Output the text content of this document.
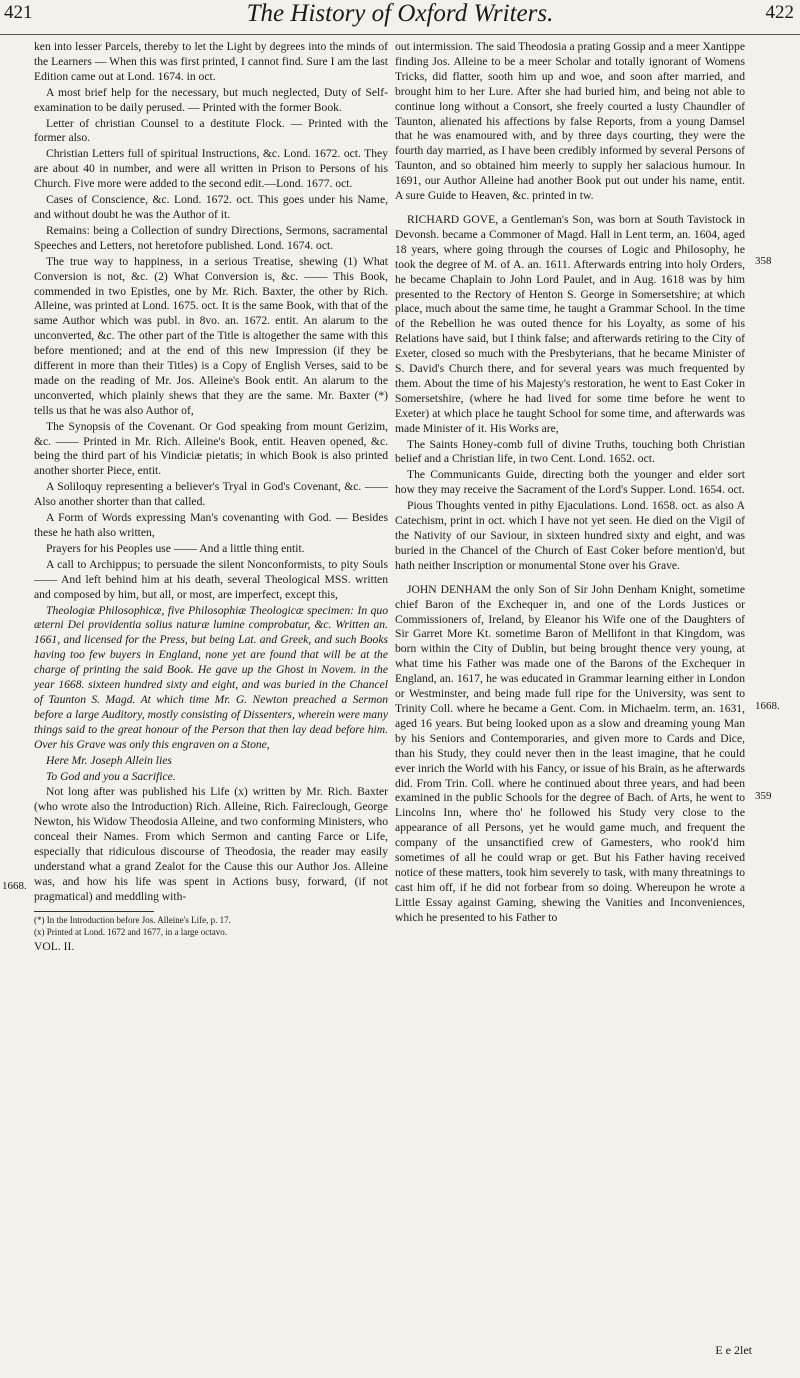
421	The History of Oxford Writers.	422

ken into lesser Parcels, thereby to let the Light by degrees into the minds of the Learners — When this was first printed, I cannot find. Sure I am the last Edition came out at Lond. 1674. in oct.

A most brief help for the necessary, but much neglected, Duty of Self-examination to be daily perused. — Printed with the former Book.

Letter of christian Counsel to a destitute Flock. — Printed with the former also.

Christian Letters full of spiritual Instructions, &c. Lond. 1672. oct. They are about 40 in number, and were all written in Prison to Persons of his Church. Five more were added to the second edit.—Lond. 1677. oct.

Cases of Conscience, &c. Lond. 1672. oct. This goes under his Name, and without doubt he was the Author of it.

Remains: being a Collection of sundry Directions, Sermons, sacramental Speeches and Letters, not heretofore published. Lond. 1674. oct.

The true way to happiness, in a serious Treatise, shewing (1) What Conversion is not, &c. (2) What Conversion is, &c. —— This Book, commended in two Epistles, one by Mr. Rich. Baxter, the other by Rich. Alleine, was printed at Lond. 1675. oct. It is the same Book, with that of the same Author which was publ. in 8vo. an. 1672. entit. An alarum to the unconverted, &c. The other part of the Title is altogether the same with this before mentioned; and at the end of this new Impression (if they be different in more than their Titles) is a Copy of English Verses, said to be made on the reading of Mr. Jos. Alleine's Book entit. An alarum to the unconverted, which plainly shews that they are the same. Mr. Baxter (*) tells us that he was also Author of,

The Synopsis of the Covenant. Or God speaking from mount Gerizim, &c. —— Printed in Mr. Rich. Alleine's Book, entit. Heaven opened, &c. being the third part of his Vindiciæ pietatis; in which Book is also printed another shorter Piece, entit.

A Soliloquy representing a believer's Tryal in God's Covenant, &c. —— Also another shorter than that called.

A Form of Words expressing Man's covenanting with God. — Besides these he hath also written,

Prayers for his Peoples use —— And a little thing entit.

A call to Archippus; to persuade the silent Nonconformists, to pity Souls —— And left behind him at his death, several Theological MSS. written and composed by him, but all, or most, are imperfect, except this,

Theologiæ Philosophicæ, five Philosophiæ Theologicæ specimen: In quo æterni Dei providentia solius naturæ lumine comprobatur, &c. Written an. 1661, and licensed for the Press, but being Lat. and Greek, and such Books having too few buyers in England, none yet are found that will be at the charge of printing the said Book. He gave up the Ghost in Novem. in the year 1668. sixteen hundred sixty and eight, and was buried in the Chancel of Taunton S. Magd. At which time Mr. G. Newton preached a Sermon before a large Auditory, mostly consisting of Dissenters, wherein were many things said to the great honour of the Person that then lay dead before him. Over his Grave was only this engraven on a Stone,

Here Mr. Joseph Allein lies

To God and you a Sacrifice.

Not long after was published his Life (x) written by Mr. Rich. Baxter (who wrote also the Introduction) Rich. Alleine, Rich. Faireclough, George Newton, his Widow Theodosia Alleine, and two conforming Ministers, who conceal their Names. From which Sermon and canting Farce or Life, especially that ridiculous discourse of Theodosia, the reader may easily understand what a grand Zealot for the Cause this our Author Jos. Alleine was, and how his life was spent in Actions busy, forward, (if not pragmatical) and meddling with-

(*) In the Introduction before Jos. Alleine's Life, p. 17.

(x) Printed at Lond. 1672 and 1677, in a large octavo.

VOL. II.

1668.

out intermission. The said Theodosia a prating Gossip and a meer Xantippe finding Jos. Alleine to be a meer Scholar and totally ignorant of Womens Tricks, did flatter, sooth him up and woe, and soon after married, and brought him to her Lure. After she had buried him, and being not able to continue long without a Consort, she freely courted a lusty Chaundler of Taunton, alienated his affections by false Reports, from a young Damsel that he was enamoured with, and by three days courting, they were the fourth day married, as I have been credibly informed by several Persons of Taunton, and so obtained him meerly to supply her salacious humour. In 1691, our Author Alleine had another Book put out under his name, entit. A sure Guide to Heaven, &c. printed in tw.

RICHARD GOVE, a Gentleman's Son, was born at South Tavistock in Devonsh. became a Commoner of Magd. Hall in Lent term, an. 1604, aged 18 years, where going through the courses of Logic and Philosophy, he took the degree of M. of A. an. 1611. Afterwards entring into holy Orders, he became Chaplain to John Lord Paulet, and in Aug. 1618 was by him presented to the Rectory of Henton S. George in Somersetshire; at which place, much about the same time, he taught a Grammar School. In the time of the Rebellion he was outed thence for his Loyalty, as some of his Relations have said, but I think false; and afterwards retiring to the City of Exeter, closed so much with the Presbyterians, that he became Minister of S. David's Church there, and for several years was much frequented by them. About the time of his Majesty's restoration, he went to East Coker in Somersetshire, (where he had lived for some time before he went to Exeter) at which place he taught School for some time, and afterwards was made Minister of it. His Works are,

The Saints Honey-comb full of divine Truths, touching both Christian belief and a Christian life, in two Cent. Lond. 1652. oct.

The Communicants Guide, directing both the younger and elder sort how they may receive the Sacrament of the Lord's Supper. Lond. 1654. oct.

Pious Thoughts vented in pithy Ejaculations. Lond. 1658. oct. as also A Catechism, print in oct. which I have not yet seen. He died on the Vigil of the Nativity of our Saviour, in sixteen hundred sixty and eight, and was buried in the Chancel of the Church of East Coker before mention'd, but hath neither Inscription or monumental Stone over his Grave.

JOHN DENHAM the only Son of Sir John Denham Knight, sometime chief Baron of the Exchequer in, and one of the Lords Justices or Commissioners of, Ireland, by Eleanor his Wife one of the Daughters of Sir Garret More Kt. sometime Baron of Mellifont in that Kingdom, was born within the City of Dublin, but being brought thence very young, at what time his Father was made one of the Barons of the Exchequer in England, an. 1617, he was educated in Grammar learning either in London or Westminster, and being made full ripe for the University, was sent to Trinity Coll. where he became a Gent. Com. in Michaelm. term, an. 1631, aged 16 years. But being looked upon as a slow and dreaming young Man by his Seniors and Contemporaries, and given more to Cards and Dice, than his Study, they could never then in the least imagine, that he could ever inrich the World with his Fancy, or issue of his Brain, as he afterwards did. From Trin. Coll. where he continued about three years, and had been examined in the public Schools for the degree of Bach. of Arts, he went to Lincolns Inn, where tho' he followed his Study very close to the appearance of all Persons, yet he would game much, and frequent the company of the unsanctified crew of Gamesters, who rook'd him sometimes of all he could wrap or get. But his Father having received notice of these matters, took him severely to task, with many threatnings to cast him off, if he did not forbear from so doing. Whereupon he wrote a Little Essay against Gaming, shewing the Vanities and Inconveniences, which he presented to his Father to

358
1668.
359
E e 2 let
